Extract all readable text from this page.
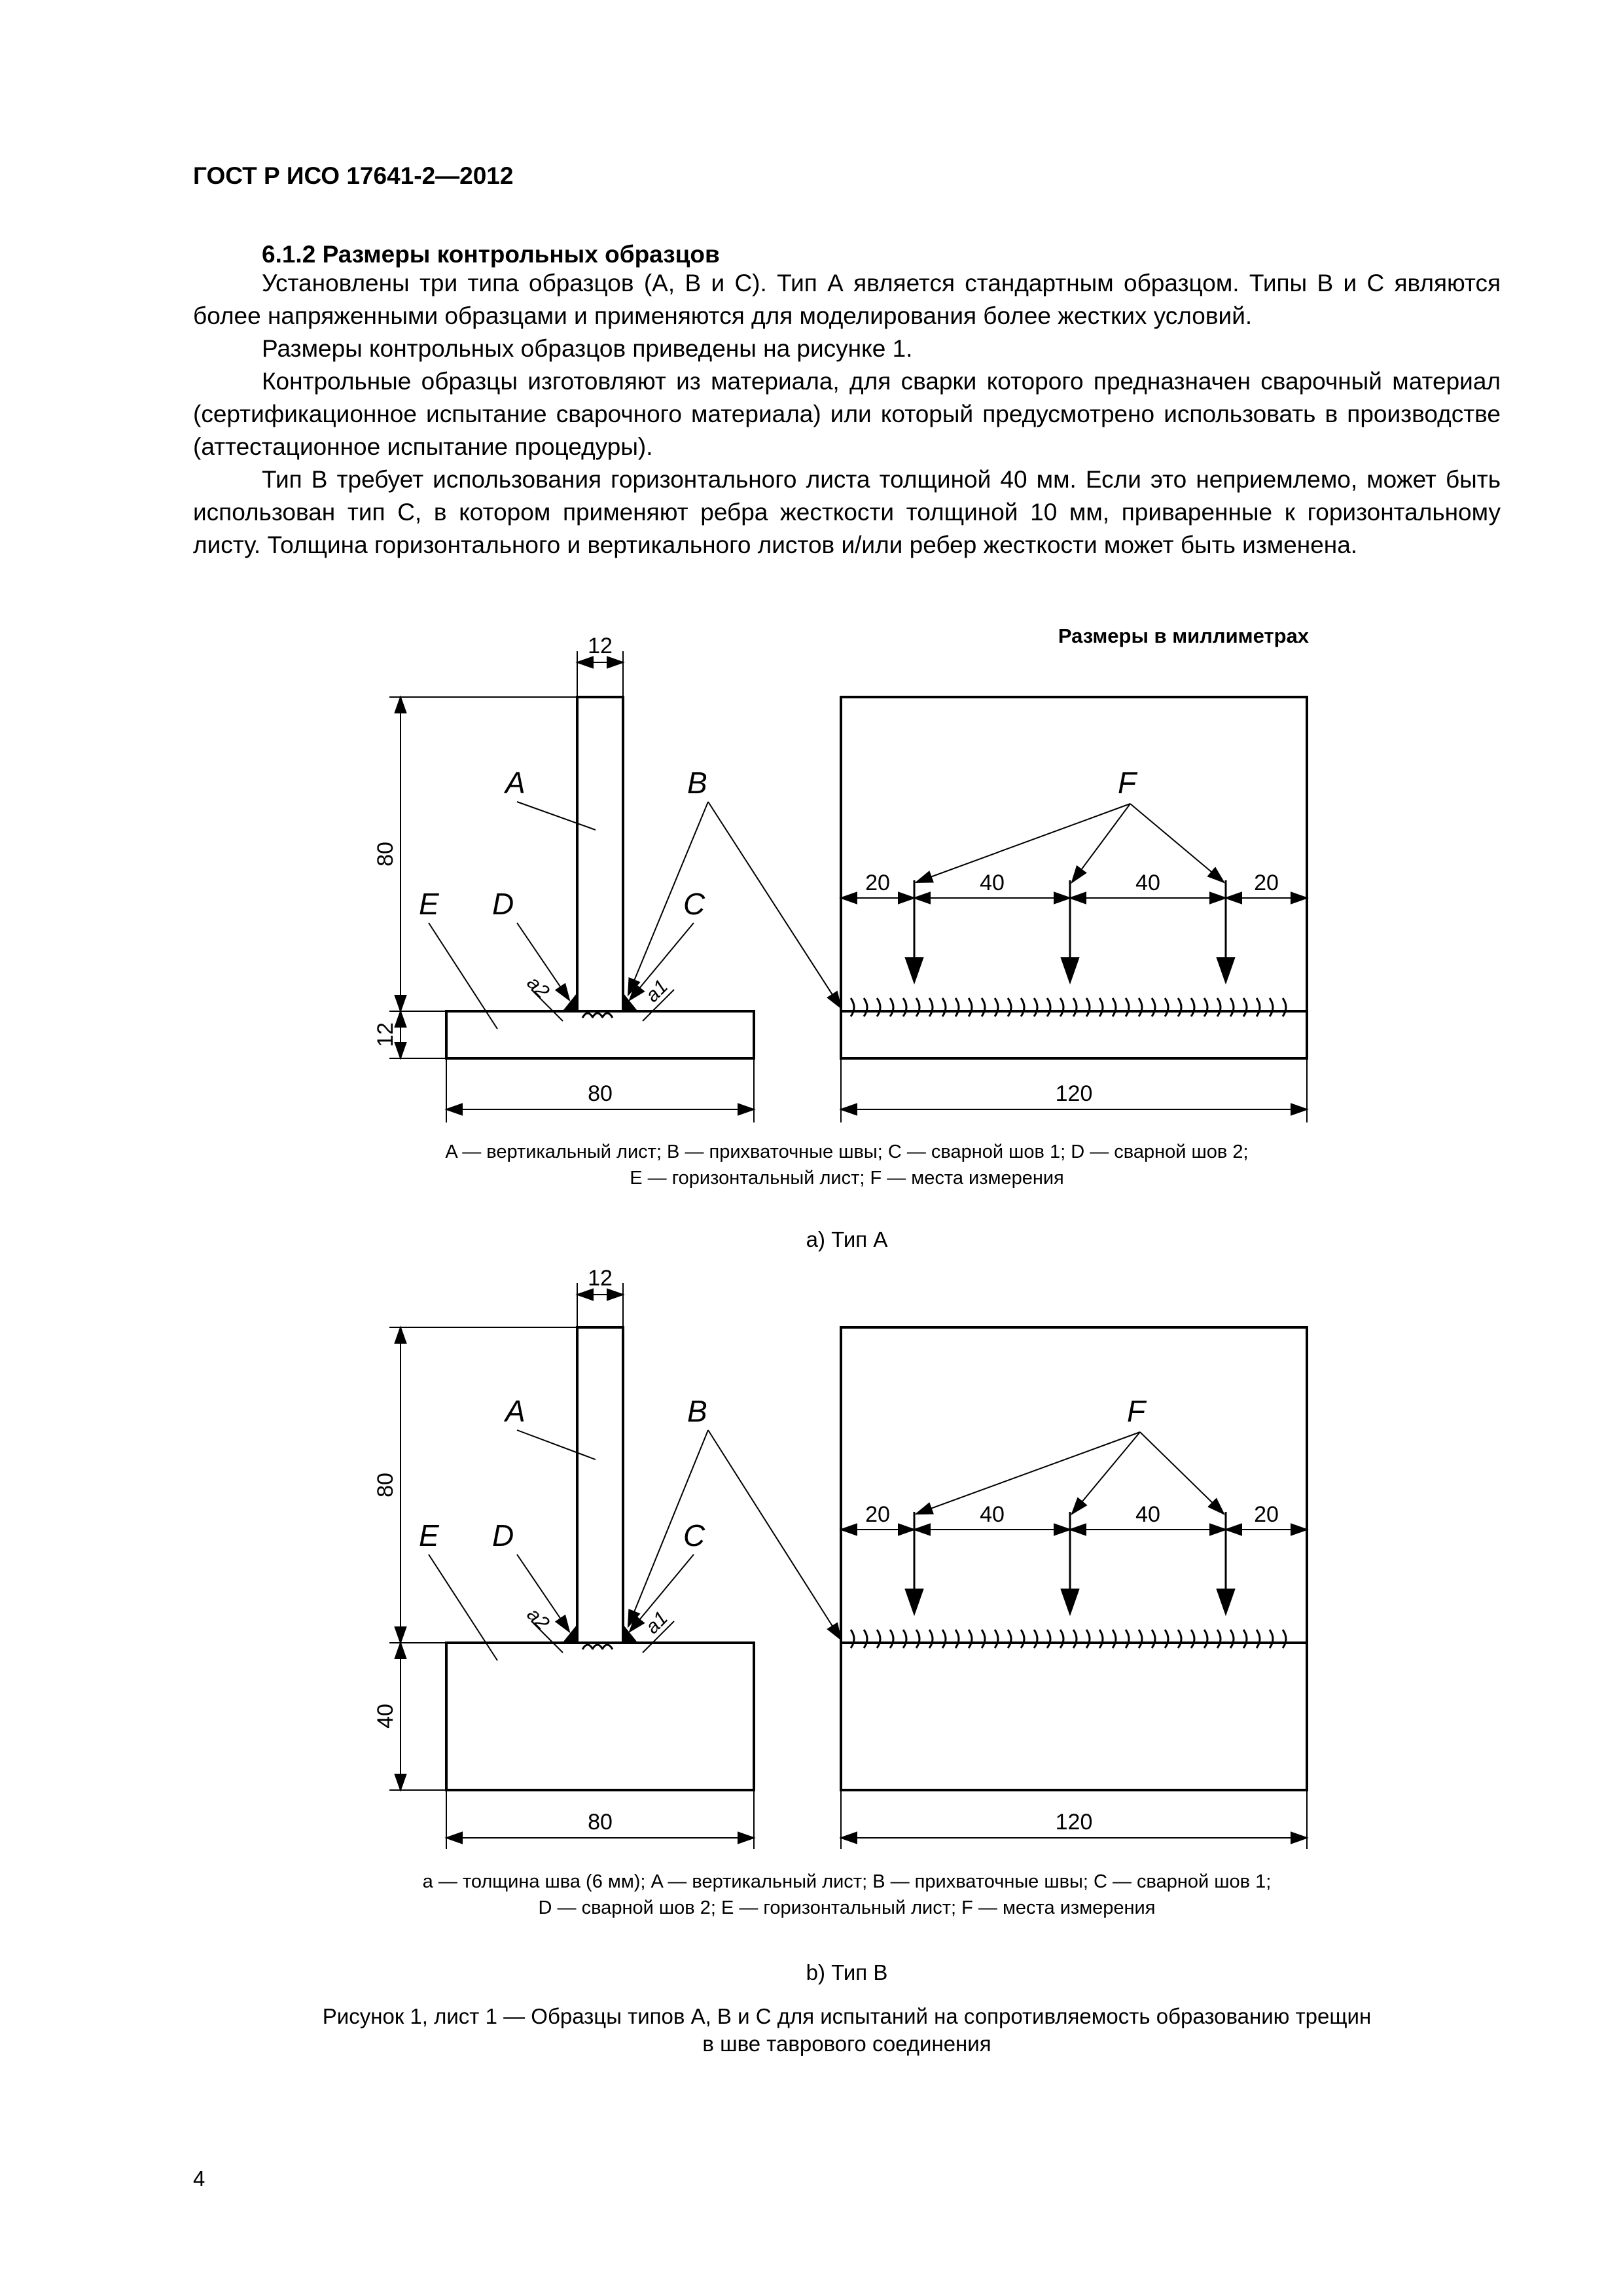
ГОСТ Р ИСО 17641-2—2012
6.1.2 Размеры контрольных образцов

Установлены три типа образцов (А, В и С). Тип А является стандартным образцом. Типы В и С являются более напряженными образцами и применяются для моделирования более жестких условий.

Размеры контрольных образцов приведены на рисунке 1.

Контрольные образцы изготовляют из материала, для сварки которого предназначен сварочный материал (сертификационное испытание сварочного материала) или который предусмотрено использовать в производстве (аттестационное испытание процедуры).

Тип В требует использования горизонтального листа толщиной 40 мм. Если это неприемлемо, может быть использован тип С, в котором применяют ребра жесткости толщиной 10 мм, приваренные к горизонтальному листу. Толщина горизонтального и вертикального листов и/или ребер жесткости может быть изменена.

Размеры в миллиметрах
A	B
E D	C
a2	a1
12
80
12
80
F
20	40	40	20
120
A	B
E D	C
a2	a1
12
80
40
80
F
20	40	40	20
120
A — вертикальный лист; B — прихваточные швы; C — сварной шов 1; D — сварной шов 2;
E — горизонтальный лист; F — места измерения
а) Тип А
a — толщина шва (6 мм); A — вертикальный лист; B — прихваточные швы; C — сварной шов 1;
D — сварной шов 2; E — горизонтальный лист; F — места измерения
b) Тип В
Рисунок 1, лист 1 — Образцы типов А, В и С для испытаний на сопротивляемость образованию трещин
в шве таврового соединения
4
